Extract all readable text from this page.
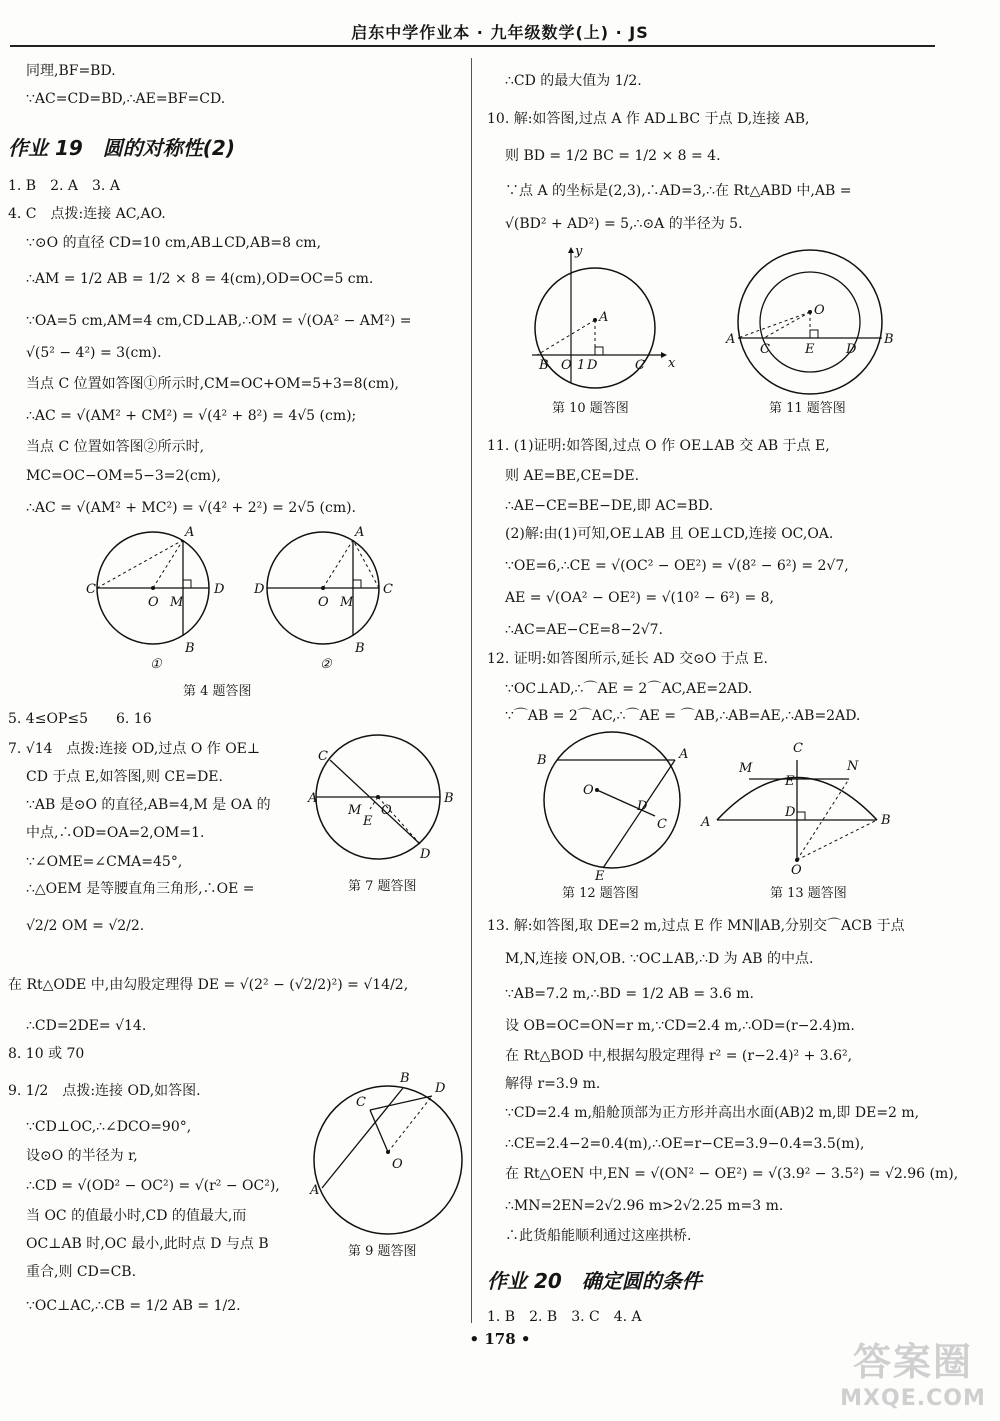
启东中学作业本 · 九年级数学(上) · JS
同理,BF=BD.
∵AC=CD=BD,∴AE=BF=CD.
作业 19　圆的对称性(2)
1. B　2. A　3. A
4. C　点拨:连接 AC,AO.
∵⊙O 的直径 CD=10 cm,AB⊥CD,AB=8 cm,
∴AM = 1/2 AB = 1/2 × 8 = 4(cm),OD=OC=5 cm.
∵OA=5 cm,AM=4 cm,CD⊥AB,∴OM = √(OA² − AM²) =
√(5² − 4²) = 3(cm).
当点 C 位置如答图①所示时,CM=OC+OM=5+3=8(cm),
∴AC = √(AM² + CM²) = √(4² + 8²) = 4√5 (cm);
当点 C 位置如答图②所示时,
MC=OC−OM=5−3=2(cm),
∴AC = √(AM² + MC²) = √(4² + 2²) = 2√5 (cm).
C
O M
D
A
B
①
D
O M
C
A
B
②
第 4 题答图
5. 4≤OP≤5　　6. 16
7. √14　点拨:连接 OD,过点 O 作 OE⊥
CD 于点 E,如答图,则 CE=DE.
∵AB 是⊙O 的直径,AB=4,M 是 OA 的
中点,∴OD=OA=2,OM=1.
∵∠OME=∠CMA=45°,
∴△OEM 是等腰直角三角形,∴OE =
√2/2 OM = √2/2.
C
A
M O
E
B
D
第 7 题答图
在 Rt△ODE 中,由勾股定理得 DE = √(2² − (√2/2)²) = √14/2,
∴CD=2DE= √14.
8. 10 或 70
9. 1/2　点拨:连接 OD,如答图.
∵CD⊥OC,∴∠DCO=90°,
设⊙O 的半径为 r,
∴CD = √(OD² − OC²) = √(r² − OC²),
当 OC 的值最小时,CD 的值最大,而
OC⊥AB 时,OC 最小,此时点 D 与点 B
重合,则 CD=CB.
∵OC⊥AC,∴CB = 1/2 AB = 1/2.
A
C
B
D
O
第 9 题答图
∴CD 的最大值为 1/2.
10. 解:如答图,过点 A 作 AD⊥BC 于点 D,连接 AB,
则 BD = 1/2 BC = 1/2 × 8 = 4.
∵点 A 的坐标是(2,3),∴AD=3,∴在 Rt△ABD 中,AB =
√(BD² + AD²) = 5,∴⊙A 的半径为 5.
y
x
A
B O 1 D	C
第 10 题答图
O
A
C	E D
B
第 11 题答图
11. (1)证明:如答图,过点 O 作 OE⊥AB 交 AB 于点 E,
则 AE=BE,CE=DE.
∴AE−CE=BE−DE,即 AC=BD.
(2)解:由(1)可知,OE⊥AB 且 OE⊥CD,连接 OC,OA.
∵OE=6,∴CE = √(OC² − OE²) = √(8² − 6²) = 2√7,
AE = √(OA² − OE²) = √(10² − 6²) = 8,
∴AC=AE−CE=8−2√7.
12. 证明:如答图所示,延长 AD 交⊙O 于点 E.
∵OC⊥AD,∴⌒AE = 2⌒AC,AE=2AD.
∵⌒AB = 2⌒AC,∴⌒AE = ⌒AB,∴AB=AE,∴AB=2AD.
B	A
O
D
C
E
第 12 题答图
A	B
C
M	N
E
D
O
第 13 题答图
13. 解:如答图,取 DE=2 m,过点 E 作 MN∥AB,分别交⌒ACB 于点
M,N,连接 ON,OB. ∵OC⊥AB,∴D 为 AB 的中点.
∵AB=7.2 m,∴BD = 1/2 AB = 3.6 m.
设 OB=OC=ON=r m,∵CD=2.4 m,∴OD=(r−2.4)m.
在 Rt△BOD 中,根据勾股定理得 r² = (r−2.4)² + 3.6²,
解得 r=3.9 m.
∵CD=2.4 m,船舱顶部为正方形并高出水面(AB)2 m,即 DE=2 m,
∴CE=2.4−2=0.4(m),∴OE=r−CE=3.9−0.4=3.5(m),
在 Rt△OEN 中,EN = √(ON² − OE²) = √(3.9² − 3.5²) = √2.96 (m),
∴MN=2EN=2√2.96 m>2√2.25 m=3 m.
∴此货船能顺利通过这座拱桥.
作业 20　确定圆的条件
1. B　2. B　3. C　4. A
• 178 •
答案圈
MXQE.COM
